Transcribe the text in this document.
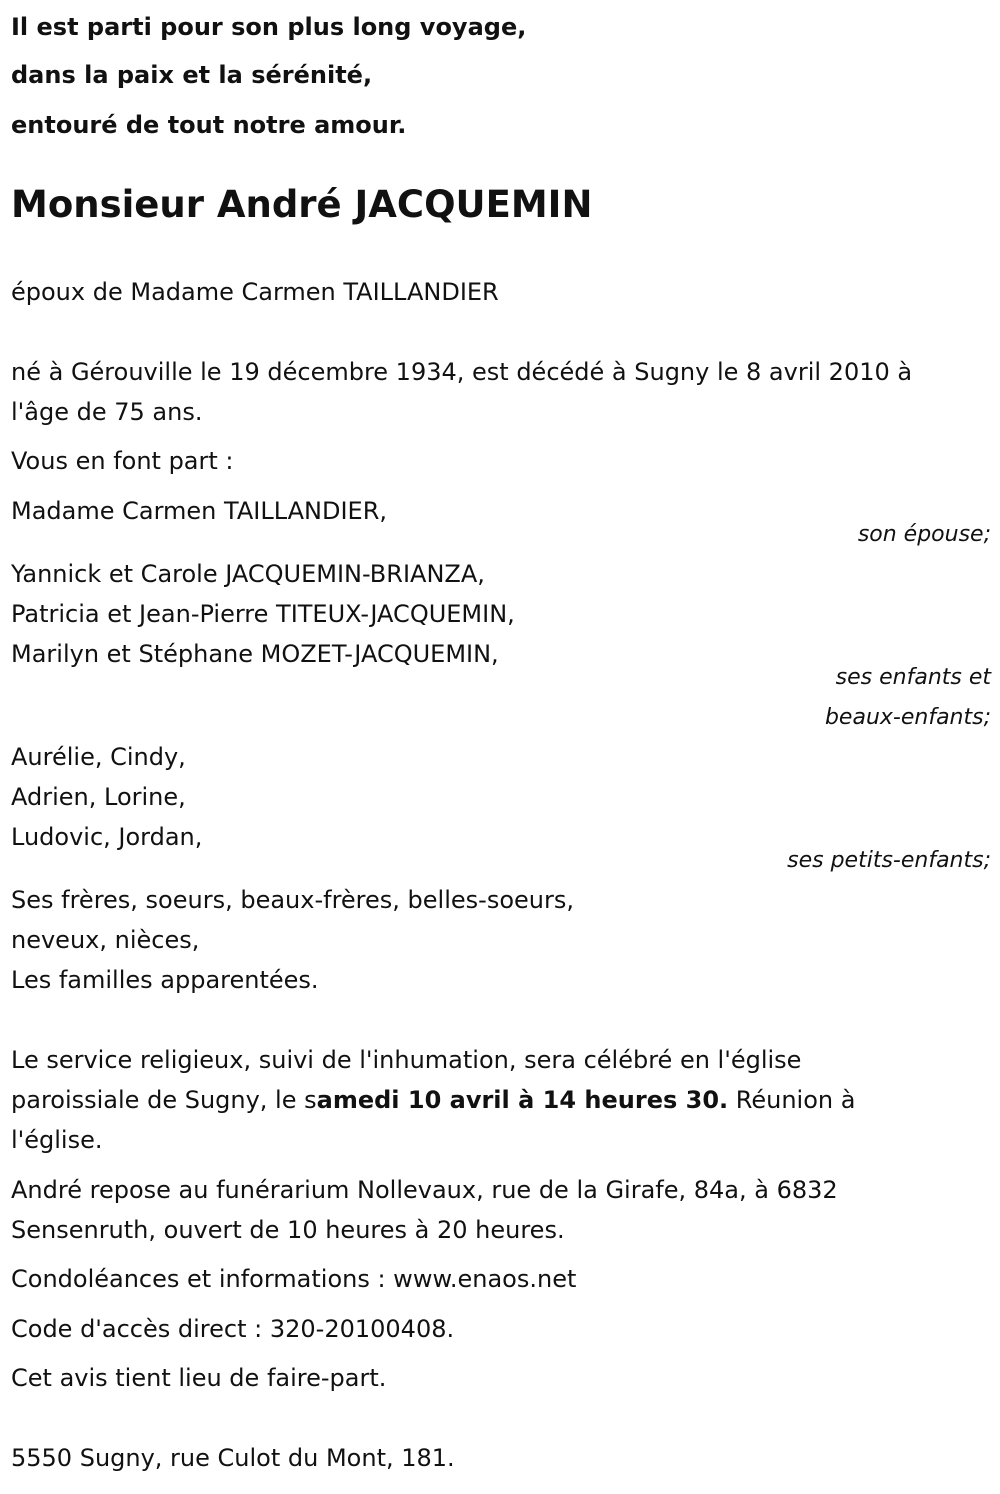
Il est parti pour son plus long voyage,
dans la paix et la sérénité,
entouré de tout notre amour.
Monsieur André JACQUEMIN
époux de Madame Carmen TAILLANDIER
né à Gérouville le 19 décembre 1934, est décédé à Sugny le 8 avril 2010 à
l'âge de 75 ans.
Vous en font part :
Madame Carmen TAILLANDIER,
son épouse;
Yannick et Carole JACQUEMIN-BRIANZA,
Patricia et Jean-Pierre TITEUX-JACQUEMIN,
Marilyn et Stéphane MOZET-JACQUEMIN,
ses enfants et
beaux-enfants;
Aurélie, Cindy,
Adrien, Lorine,
Ludovic, Jordan,
ses petits-enfants;
Ses frères, soeurs, beaux-frères, belles-soeurs,
neveux, nièces,
Les familles apparentées.
Le service religieux, suivi de l'inhumation, sera célébré en l'église
paroissiale de Sugny, le samedi 10 avril à 14 heures 30. Réunion à
l'église.
André repose au funérarium Nollevaux, rue de la Girafe, 84a, à 6832
Sensenruth, ouvert de 10 heures à 20 heures.
Condoléances et informations : www.enaos.net
Code d'accès direct : 320-20100408.
Cet avis tient lieu de faire-part.
5550 Sugny, rue Culot du Mont, 181.
